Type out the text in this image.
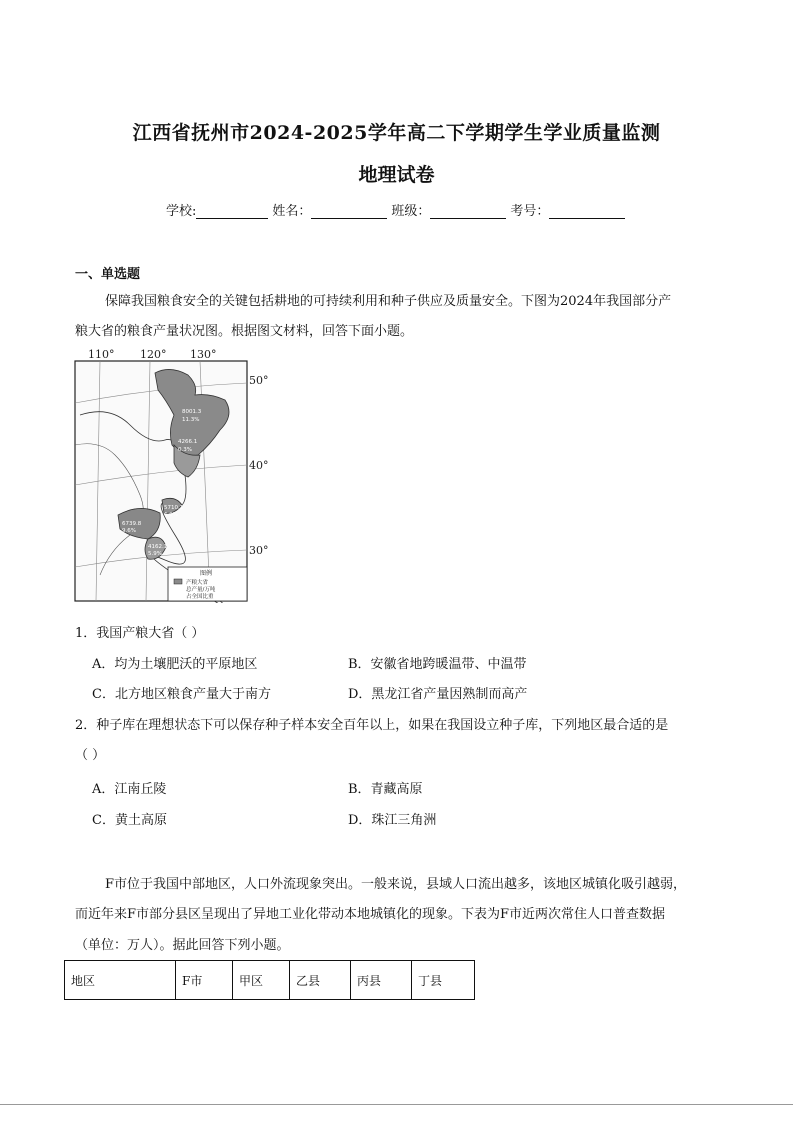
江西省抚州市2024-2025学年高二下学期学生学业质量监测
地理试卷
学校:	姓名：	班级：	考号：
一、单选题
保障我国粮食安全的关键包括耕地的可持续利用和种子供应及质量安全。下图为2024年我国部分产
粮大省的粮食产量状况图。根据图文材料，回答下面小题。
110° 120° 130°
50°
40°
30°
8001.3
11.3%
4266.1
0.3%
5710.1
6.0%
6739.8
9.6%
4162.1
5.9%
图例
产粮大省
总产量/万吨
占全国比重
1．我国产粮大省（ ）
A．均为土壤肥沃的平原地区	B．安徽省地跨暖温带、中温带
C．北方地区粮食产量大于南方	D．黑龙江省产量因熟制而高产
2．种子库在理想状态下可以保存种子样本安全百年以上，如果在我国设立种子库，下列地区最合适的是
（ ）
A．江南丘陵	B．青藏高原
C．黄土高原	D．珠江三角洲
F市位于我国中部地区，人口外流现象突出。一般来说，县域人口流出越多，该地区城镇化吸引越弱，
而近年来F市部分县区呈现出了异地工业化带动本地城镇化的现象。下表为F市近两次常住人口普查数据
（单位：万人）。据此回答下列小题。
地区	F市	甲区	乙县	丙县	丁县
